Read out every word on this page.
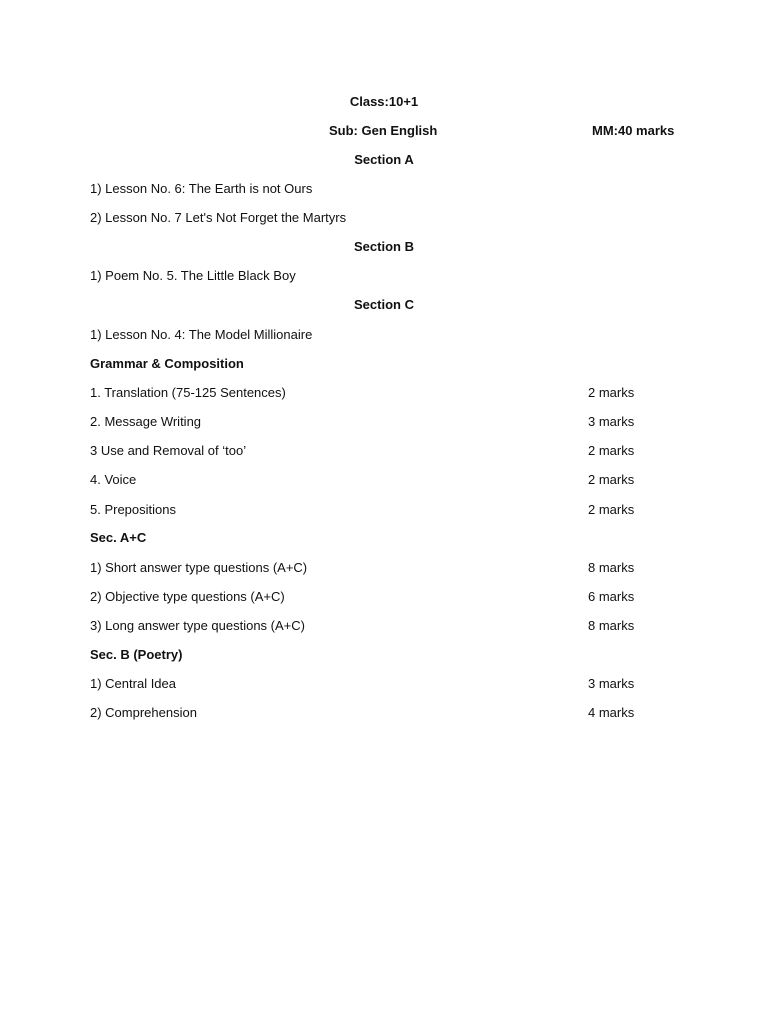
Class:10+1
Sub: Gen English	MM:40 marks
Section A
1) Lesson No. 6: The Earth is not Ours
2) Lesson No. 7 Let's Not Forget the Martyrs
Section B
1) Poem No. 5. The Little Black Boy
Section C
1) Lesson No. 4: The Model Millionaire
Grammar & Composition
1. Translation (75-125 Sentences)	2 marks
2. Message Writing	3 marks
3 Use and Removal of ‘too’	2 marks
4. Voice	2 marks
5. Prepositions	2 marks
Sec. A+C
1) Short answer type questions (A+C)	8 marks
2) Objective type questions (A+C)	6 marks
3) Long answer type questions (A+C)	8 marks
Sec. B (Poetry)
1) Central Idea	3 marks
2) Comprehension	4 marks
